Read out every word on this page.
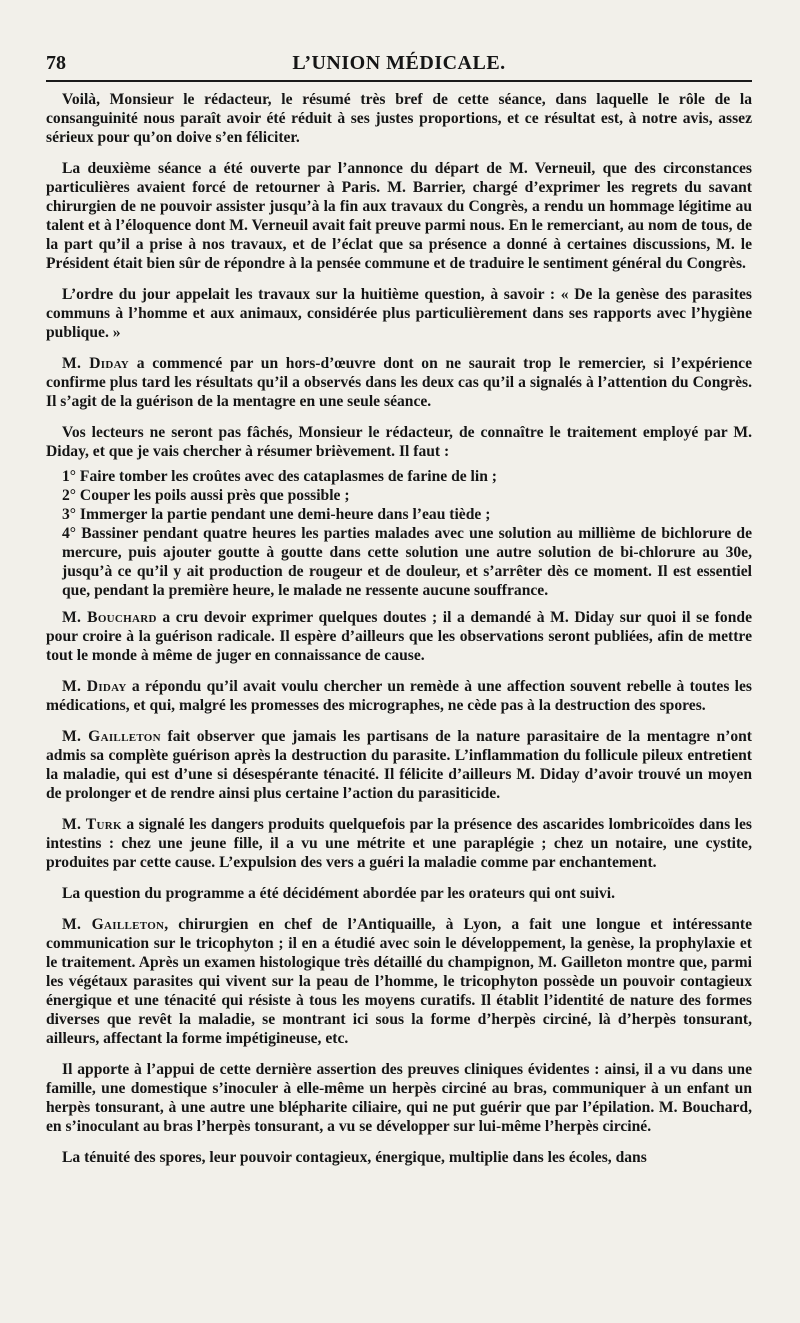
78	L’UNION MÉDICALE.

Voilà, Monsieur le rédacteur, le résumé très bref de cette séance, dans laquelle le rôle de la consanguinité nous paraît avoir été réduit à ses justes proportions, et ce résultat est, à notre avis, assez sérieux pour qu’on doive s’en féliciter.

La deuxième séance a été ouverte par l’annonce du départ de M. Verneuil, que des circonstances particulières avaient forcé de retourner à Paris. M. Barrier, chargé d’exprimer les regrets du savant chirurgien de ne pouvoir assister jusqu’à la fin aux travaux du Congrès, a rendu un hommage légitime au talent et à l’éloquence dont M. Verneuil avait fait preuve parmi nous. En le remerciant, au nom de tous, de la part qu’il a prise à nos travaux, et de l’éclat que sa présence a donné à certaines discussions, M. le Président était bien sûr de répondre à la pensée commune et de traduire le sentiment général du Congrès.

L’ordre du jour appelait les travaux sur la huitième question, à savoir : « De la genèse des parasites communs à l’homme et aux animaux, considérée plus particulièrement dans ses rapports avec l’hygiène publique. »

M. Diday a commencé par un hors-d’œuvre dont on ne saurait trop le remercier, si l’expérience confirme plus tard les résultats qu’il a observés dans les deux cas qu’il a signalés à l’attention du Congrès. Il s’agit de la guérison de la mentagre en une seule séance.

Vos lecteurs ne seront pas fâchés, Monsieur le rédacteur, de connaître le traitement employé par M. Diday, et que je vais chercher à résumer brièvement. Il faut :

1° Faire tomber les croûtes avec des cataplasmes de farine de lin ;
2° Couper les poils aussi près que possible ;
3° Immerger la partie pendant une demi-heure dans l’eau tiède ;
4° Bassiner pendant quatre heures les parties malades avec une solution au millième de bichlorure de mercure, puis ajouter goutte à goutte dans cette solution une autre solution de bi-chlorure au 30e, jusqu’à ce qu’il y ait production de rougeur et de douleur, et s’arrêter dès ce moment. Il est essentiel que, pendant la première heure, le malade ne ressente aucune souffrance.

M. Bouchard a cru devoir exprimer quelques doutes ; il a demandé à M. Diday sur quoi il se fonde pour croire à la guérison radicale. Il espère d’ailleurs que les observations seront publiées, afin de mettre tout le monde à même de juger en connaissance de cause.

M. Diday a répondu qu’il avait voulu chercher un remède à une affection souvent rebelle à toutes les médications, et qui, malgré les promesses des micrographes, ne cède pas à la destruction des spores.

M. Gailleton fait observer que jamais les partisans de la nature parasitaire de la mentagre n’ont admis sa complète guérison après la destruction du parasite. L’inflammation du follicule pileux entretient la maladie, qui est d’une si désespérante ténacité. Il félicite d’ailleurs M. Diday d’avoir trouvé un moyen de prolonger et de rendre ainsi plus certaine l’action du parasiticide.

M. Turk a signalé les dangers produits quelquefois par la présence des ascarides lombricoïdes dans les intestins : chez une jeune fille, il a vu une métrite et une paraplégie ; chez un notaire, une cystite, produites par cette cause. L’expulsion des vers a guéri la maladie comme par enchantement.

La question du programme a été décidément abordée par les orateurs qui ont suivi.

M. Gailleton, chirurgien en chef de l’Antiquaille, à Lyon, a fait une longue et intéressante communication sur le tricophyton ; il en a étudié avec soin le développement, la genèse, la prophylaxie et le traitement. Après un examen histologique très détaillé du champignon, M. Gailleton montre que, parmi les végétaux parasites qui vivent sur la peau de l’homme, le tricophyton possède un pouvoir contagieux énergique et une ténacité qui résiste à tous les moyens curatifs. Il établit l’identité de nature des formes diverses que revêt la maladie, se montrant ici sous la forme d’herpès circiné, là d’herpès tonsurant, ailleurs, affectant la forme impétigineuse, etc.

Il apporte à l’appui de cette dernière assertion des preuves cliniques évidentes : ainsi, il a vu dans une famille, une domestique s’inoculer à elle-même un herpès circiné au bras, communiquer à un enfant un herpès tonsurant, à une autre une blépharite ciliaire, qui ne put guérir que par l’épilation. M. Bouchard, en s’inoculant au bras l’herpès tonsurant, a vu se développer sur lui-même l’herpès circiné.

La ténuité des spores, leur pouvoir contagieux, énergique, multiplie dans les écoles, dans
